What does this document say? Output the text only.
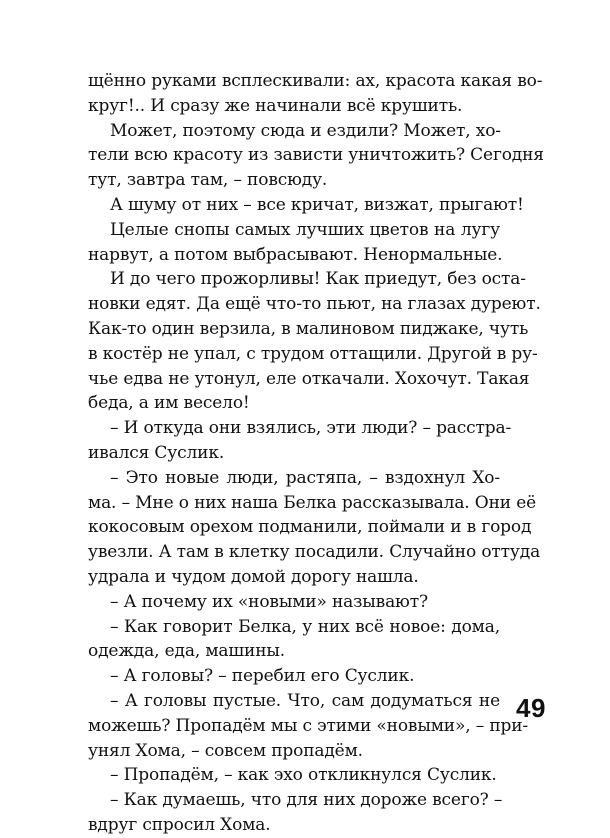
щённо руками всплескивали: ах, красота какая во-
круг!.. И сразу же начинали всё крушить.
Может, поэтому сюда и ездили? Может, хо-
тели всю красоту из зависти уничтожить? Сегодня
тут, завтра там, – повсюду.
А шуму от них – все кричат, визжат, прыгают!
Целые снопы самых лучших цветов на лугу
нарвут, а потом выбрасывают. Ненормальные.
И до чего прожорливы! Как приедут, без оста-
новки едят. Да ещё что-то пьют, на глазах дуреют.
Как-то один верзила, в малиновом пиджаке, чуть
в костёр не упал, с трудом оттащили. Другой в ру-
чье едва не утонул, еле откачали. Хохочут. Такая
беда, а им весело!
– И откуда они взялись, эти люди? – расстра-
ивался Суслик.
– Это новые люди, растяпа, – вздохнул Хо-
ма. – Мне о них наша Белка рассказывала. Они её
кокосовым орехом подманили, поймали и в город
увезли. А там в клетку посадили. Случайно оттуда
удрала и чудом домой дорогу нашла.
– А почему их «новыми» называют?
– Как говорит Белка, у них всё новое: дома,
одежда, еда, машины.
– А головы? – перебил его Суслик.
– А головы пустые. Что, сам додуматься не
можешь? Пропадём мы с этими «новыми», – при-
унял Хома, – совсем пропадём.
– Пропадём, – как эхо откликнулся Суслик.
– Как думаешь, что для них дороже всего? –
вдруг спросил Хома.
49
